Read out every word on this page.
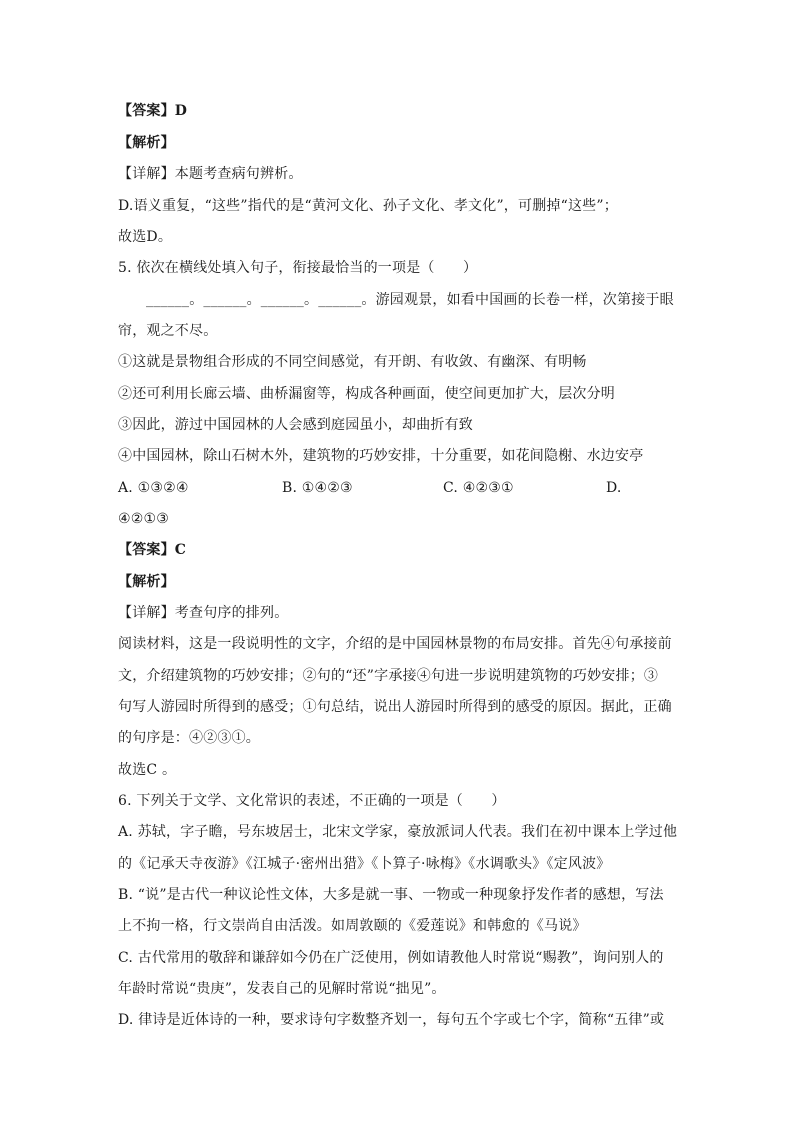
【答案】D
【解析】
【详解】本题考查病句辨析。
D.语义重复，“这些”指代的是“黄河文化、孙子文化、孝文化”，可删掉“这些”；
故选D。
5. 依次在横线处填入句子，衔接最恰当的一项是（　　）
______。______。______。______。游园观景，如看中国画的长卷一样，次第接于眼
帘，观之不尽。
①这就是景物组合形成的不同空间感觉，有开朗、有收敛、有幽深、有明畅
②还可利用长廊云墙、曲桥漏窗等，构成各种画面，使空间更加扩大，层次分明
③因此，游过中国园林的人会感到庭园虽小，却曲折有致
④中国园林，除山石树木外，建筑物的巧妙安排，十分重要，如花间隐榭、水边安亭
A. ①③②④	B. ①④②③	C. ④②③①	D.
④②①③
【答案】C
【解析】
【详解】考查句序的排列。
阅读材料，这是一段说明性的文字，介绍的是中国园林景物的布局安排。首先④句承接前
文，介绍建筑物的巧妙安排；②句的“还”字承接④句进一步说明建筑物的巧妙安排；③
句写人游园时所得到的感受；①句总结，说出人游园时所得到的感受的原因。据此，正确
的句序是：④②③①。
故选C 。
6. 下列关于文学、文化常识的表述，不正确的一项是（　　）
A. 苏轼，字子瞻，号东坡居士，北宋文学家，豪放派词人代表。我们在初中课本上学过他
的《记承天寺夜游》《江城子·密州出猎》《卜算子·咏梅》《水调歌头》《定风波》
B. “说”是古代一种议论性文体，大多是就一事、一物或一种现象抒发作者的感想，写法
上不拘一格，行文崇尚自由活泼。如周敦颐的《爱莲说》和韩愈的《马说》
C. 古代常用的敬辞和谦辞如今仍在广泛使用，例如请教他人时常说“赐教”，询问别人的
年龄时常说“贵庚”，发表自己的见解时常说“拙见”。
D. 律诗是近体诗的一种，要求诗句字数整齐划一，每句五个字或七个字，简称“五律”或
